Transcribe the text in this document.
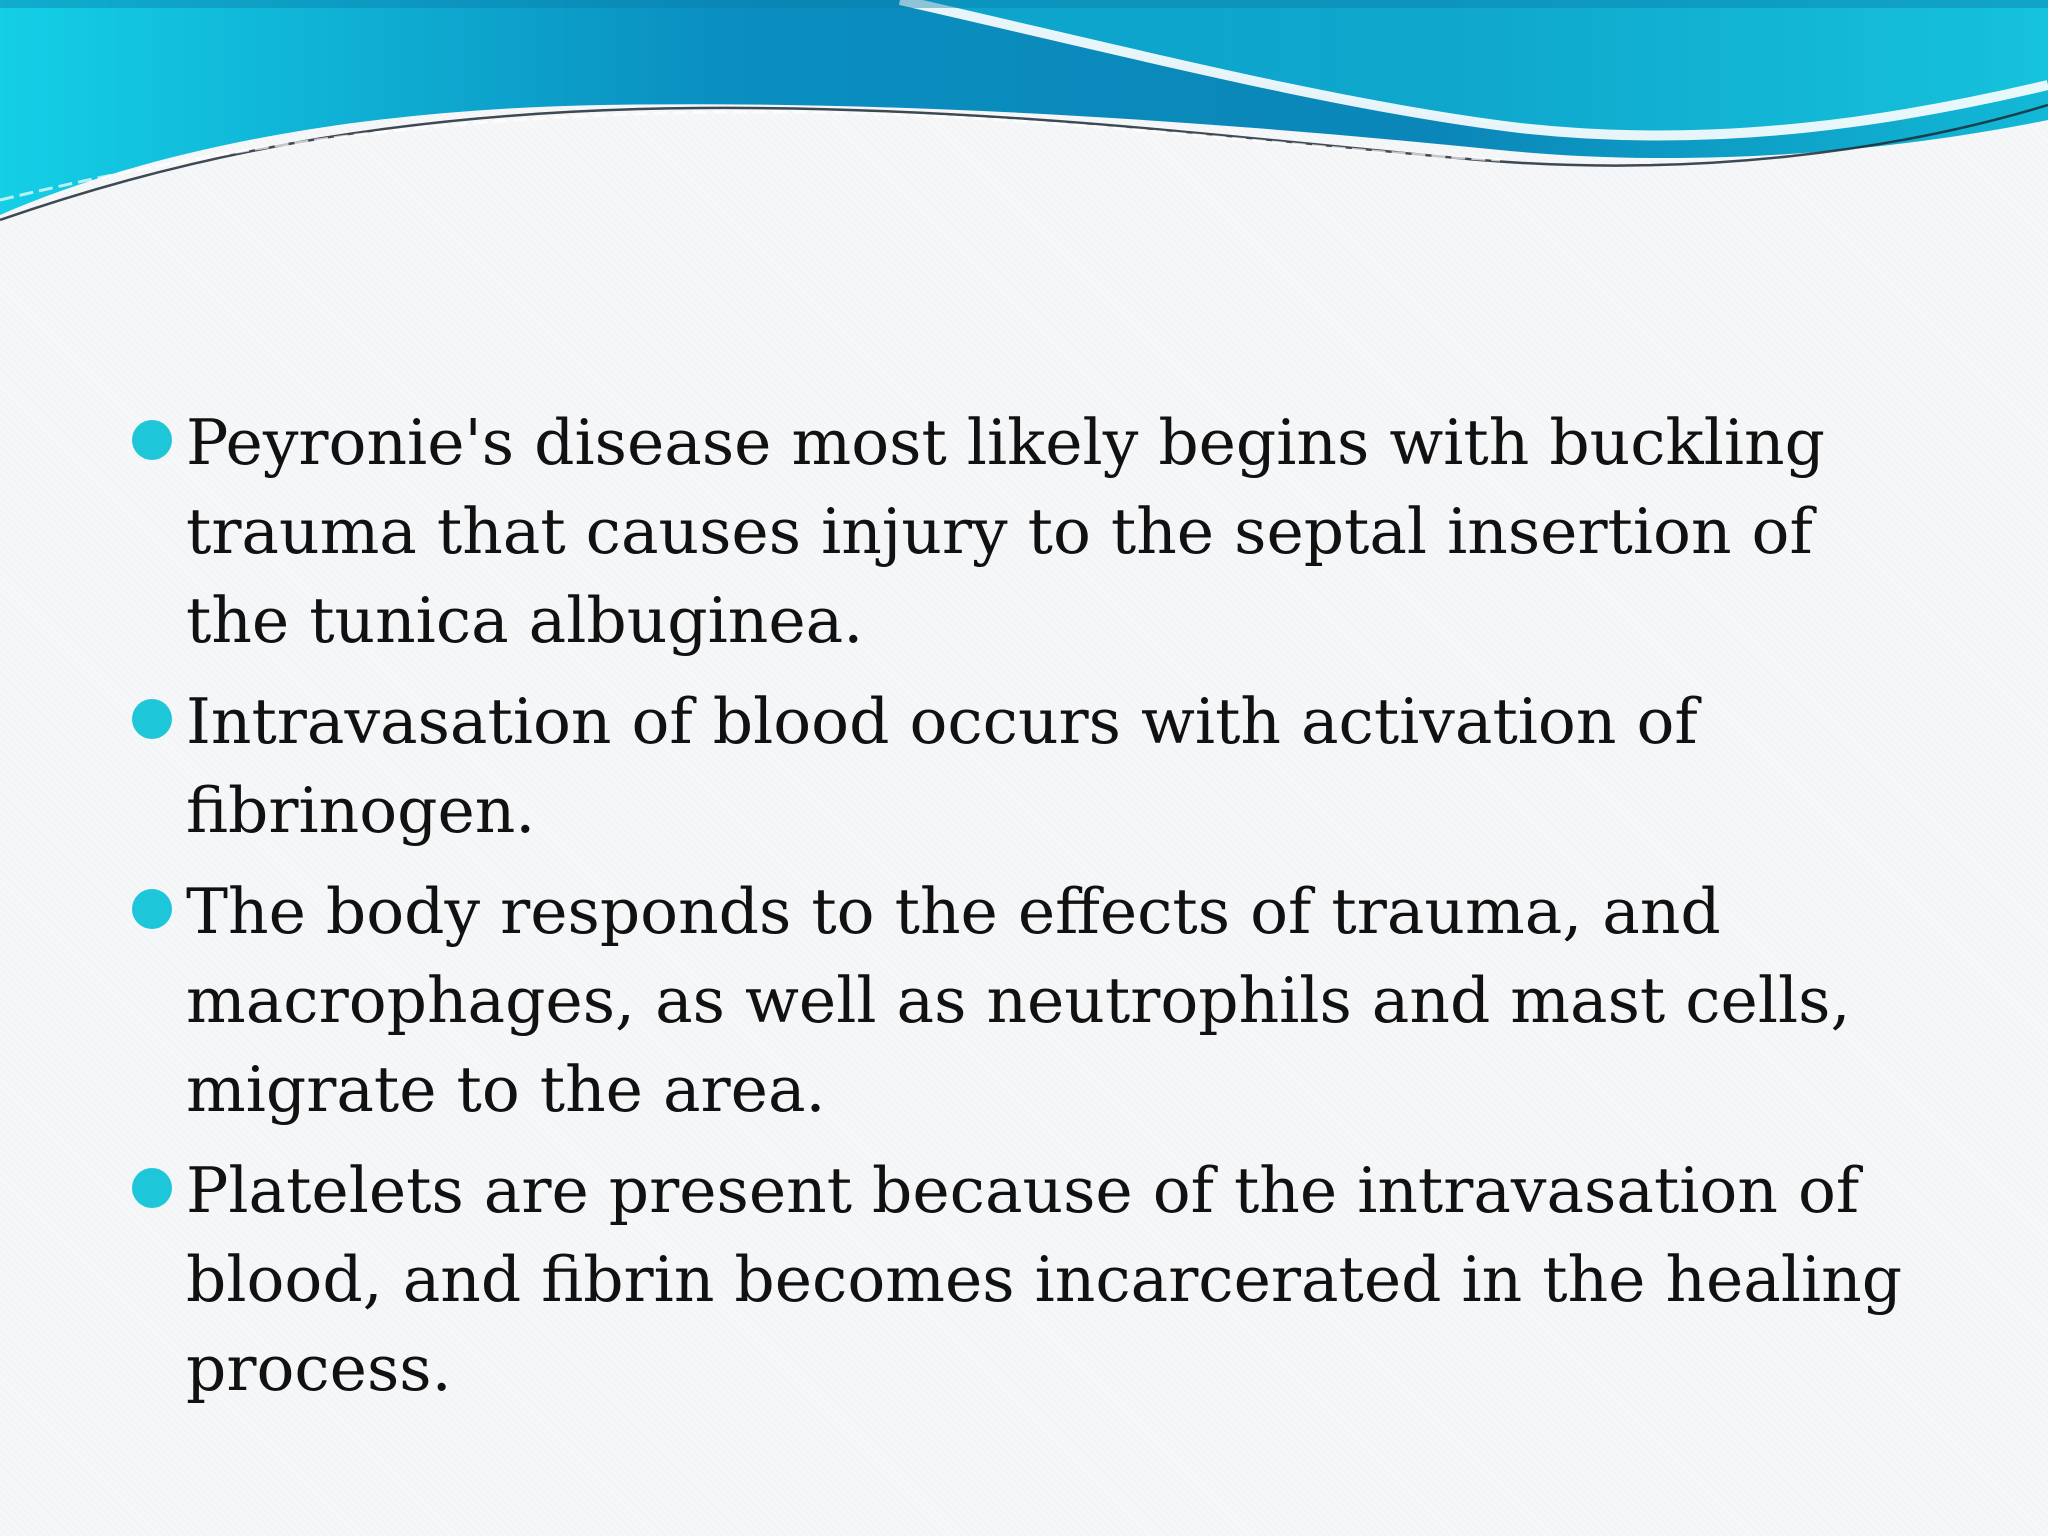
Peyronie's disease most likely begins with buckling trauma that causes injury to the septal insertion of the tunica albuginea.
Intravasation of blood occurs with activation of fibrinogen.
The body responds to the effects of trauma, and macrophages, as well as neutrophils and mast cells, migrate to the area.
Platelets are present because of the intravasation of blood, and fibrin becomes incarcerated in the healing process.
